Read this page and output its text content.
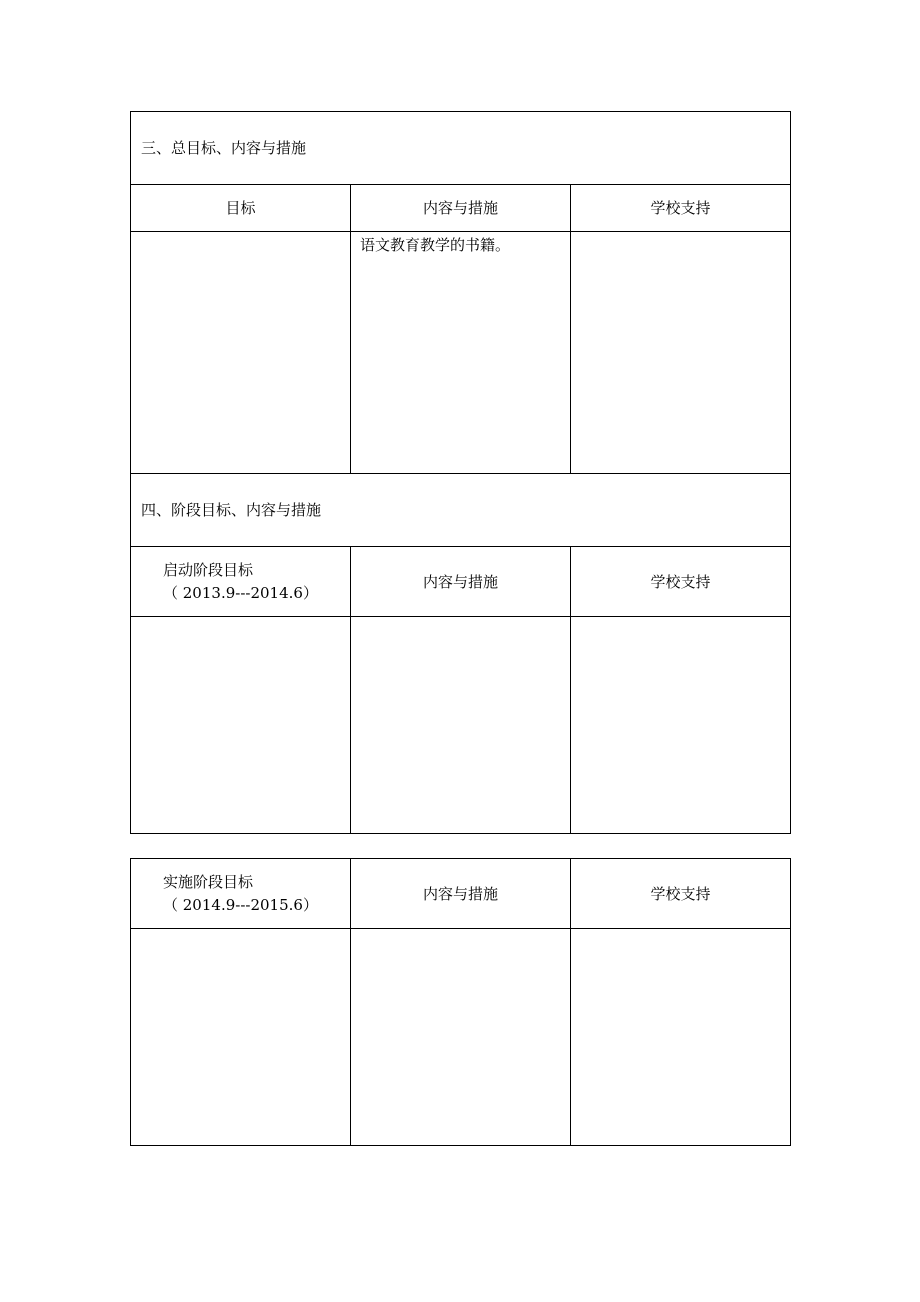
三、总目标、内容与措施		
目标	内容与措施	学校支持

	语文教育教学的书籍。	

四、阶段目标、内容与措施		

启动阶段目标
（ 2013.9---2014.6）	内容与措施	学校支持

实施阶段目标
（ 2014.9---2015.6）	内容与措施	学校支持
